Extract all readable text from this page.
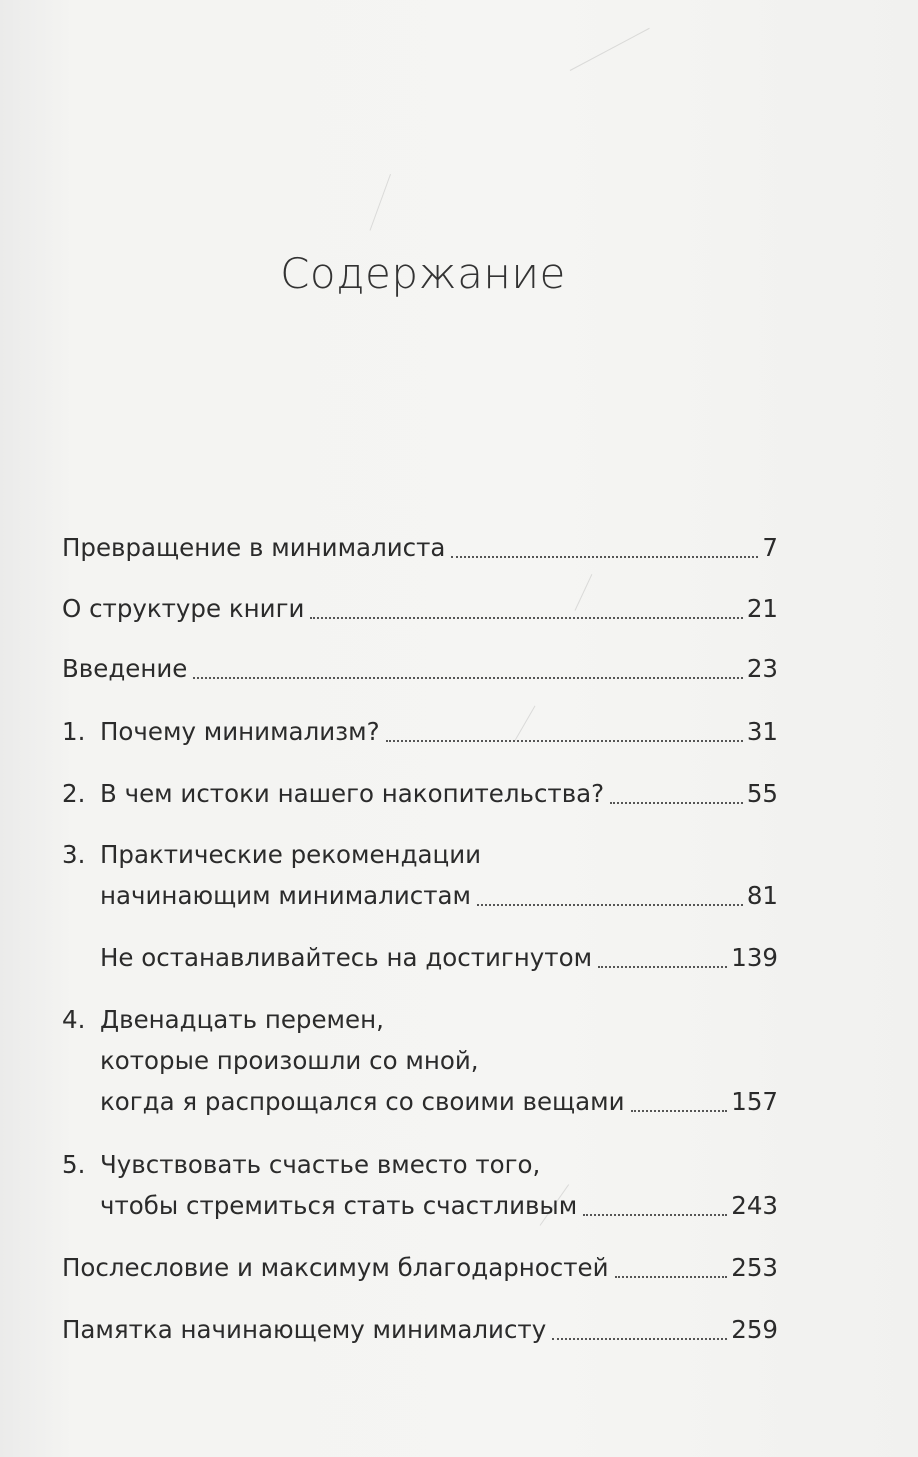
Содержание
Превращение в минималиста	7
О структуре книги	21
Введение	23
1. Почему минимализм?	31
2. В чем истоки нашего накопительства?	55
3. Практические рекомендации
начинающим минималистам	81
Не останавливайтесь на достигнутом	139
4. Двенадцать перемен,
которые произошли со мной,
когда я распрощался со своими вещами	157
5. Чувствовать счастье вместо того,
чтобы стремиться стать счастливым	243
Послесловие и максимум благодарностей	253
Памятка начинающему минималисту	259
